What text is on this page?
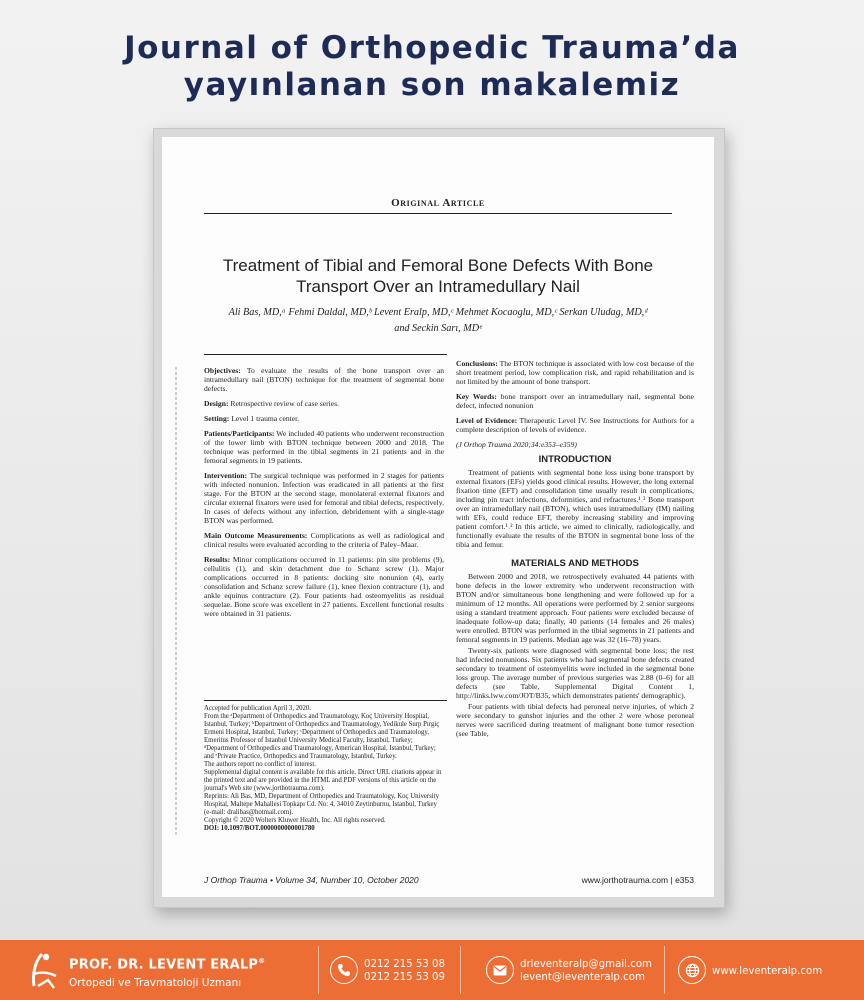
Journal of Orthopedic Trauma’da
yayınlanan son makalemiz
Original Article
Treatment of Tibial and Femoral Bone Defects With Bone
Transport Over an Intramedullary Nail
Ali Bas, MD,ᵃ Fehmi Daldal, MD,ᵇ Levent Eralp, MD,ᶜ Mehmet Kocaoglu, MD,ᶜ Serkan Uludag, MD,ᵈ
and Seckin Sarı, MDᵉ

Objectives: To evaluate the results of the bone transport over an intramedullary nail (BTON) technique for the treatment of segmental bone defects.

Design: Retrospective review of case series.

Setting: Level 1 trauma center.

Patients/Participants: We included 40 patients who underwent reconstruction of the lower limb with BTON technique between 2000 and 2018. The technique was performed in the tibial segments in 21 patients and in the femoral segments in 19 patients.

Intervention: The surgical technique was performed in 2 stages for patients with infected nonunion. Infection was eradicated in all patients at the first stage. For the BTON at the second stage, monolateral external fixators and circular external fixators were used for femoral and tibial defects, respectively. In cases of defects without any infection, debridement with a single-stage BTON was performed.

Main Outcome Measurements: Complications as well as radiological and clinical results were evaluated according to the criteria of Paley–Maar.

Results: Minor complications occurred in 11 patients: pin site problems (9), cellulitis (1), and skin detachment due to Schanz screw (1). Major complications occurred in 8 patients: docking site nonunion (4), early consolidation and Schanz screw failure (1), knee flexion contracture (1), and ankle equinus contracture (2). Four patients had osteomyelitis as residual sequelae. Bone score was excellent in 27 patients. Excellent functional results were obtained in 31 patients.

Accepted for publication April 3, 2020.

From the ᵃDepartment of Orthopedics and Traumatology, Koç University Hospital, Istanbul, Turkey; ᵇDepartment of Orthopedics and Traumatology, Yedikule Surp Pırgiç Ermeni Hospital, Istanbul, Turkey; ᶜDepartment of Orthopedics and Traumatology, Emeritus Professor of Istanbul University Medical Faculty, Istanbul, Turkey; ᵈDepartment of Orthopedics and Traumatology, American Hospital, Istanbul, Turkey; and ᵉPrivate Practice, Orthopedics and Traumatology, Istanbul, Turkey.

The authors report no conflict of interest.

Supplemental digital content is available for this article. Direct URL citations appear in the printed text and are provided in the HTML and PDF versions of this article on the journal's Web site (www.jorthotrauma.com).

Reprints: Ali Bas, MD, Department of Orthopedics and Traumatology, Koç University Hospital, Maltepe Mahallesi Topkapı Cd. No: 4, 34010 Zeytinburnu, Istanbul, Turkey (e-mail: dralibas@hotmail.com).

Copyright © 2020 Wolters Kluwer Health, Inc. All rights reserved.

DOI: 10.1097/BOT.0000000000001780

Conclusions: The BTON technique is associated with low cost because of the short treatment period, low complication risk, and rapid rehabilitation and is not limited by the amount of bone transport.

Key Words: bone transport over an intramedullary nail, segmental bone defect, infected nonunion

Level of Evidence: Therapeutic Level IV. See Instructions for Authors for a complete description of levels of evidence.

(J Orthop Trauma 2020;34:e353–e359)

INTRODUCTION

Treatment of patients with segmental bone loss using bone transport by external fixators (EFs) yields good clinical results. However, the long external fixation time (EFT) and consolidation time usually result in complications, including pin tract infections, deformities, and refractures.¹˒² Bone transport over an intramedullary nail (BTON), which uses intramedullary (IM) nailing with EFs, could reduce EFT, thereby increasing stability and improving patient comfort.¹˒² In this article, we aimed to clinically, radiologically, and functionally evaluate the results of the BTON in segmental bone loss of the tibia and femur.

MATERIALS AND METHODS

Between 2000 and 2018, we retrospectively evaluated 44 patients with bone defects in the lower extremity who underwent reconstruction with BTON and/or simultaneous bone lengthening and were followed up for a minimum of 12 months. All operations were performed by 2 senior surgeons using a standard treatment approach. Four patients were excluded because of inadequate follow-up data; finally, 40 patients (14 females and 26 males) were enrolled. BTON was performed in the tibial segments in 21 patients and femoral segments in 19 patients. Median age was 32 (16–78) years.

Twenty-six patients were diagnosed with segmental bone loss; the rest had infected nonunions. Six patients who had segmental bone defects created secondary to treatment of osteomyelitis were included in the segmental bone loss group. The average number of previous surgeries was 2.88 (0–6) for all defects (see Table, Supplemental Digital Content 1, http://links.lww.com/JOT/B35, which demonstrates patients' demographic).

Four patients with tibial defects had peroneal nerve injuries, of which 2 were secondary to gunshot injuries and the other 2 were whose peroneal nerves were sacrificed during treatment of malignant bone tumor resection (see Table,

J Orthop Trauma • Volume 34, Number 10, October 2020	www.jorthotrauma.com | e353
PROF. DR. LEVENT ERALP®
Ortopedi ve Travmatoloji Uzmanı
0212 215 53 08
0212 215 53 09
drleventeralp@gmail.com
levent@leventeralp.com
www.leventeralp.com
